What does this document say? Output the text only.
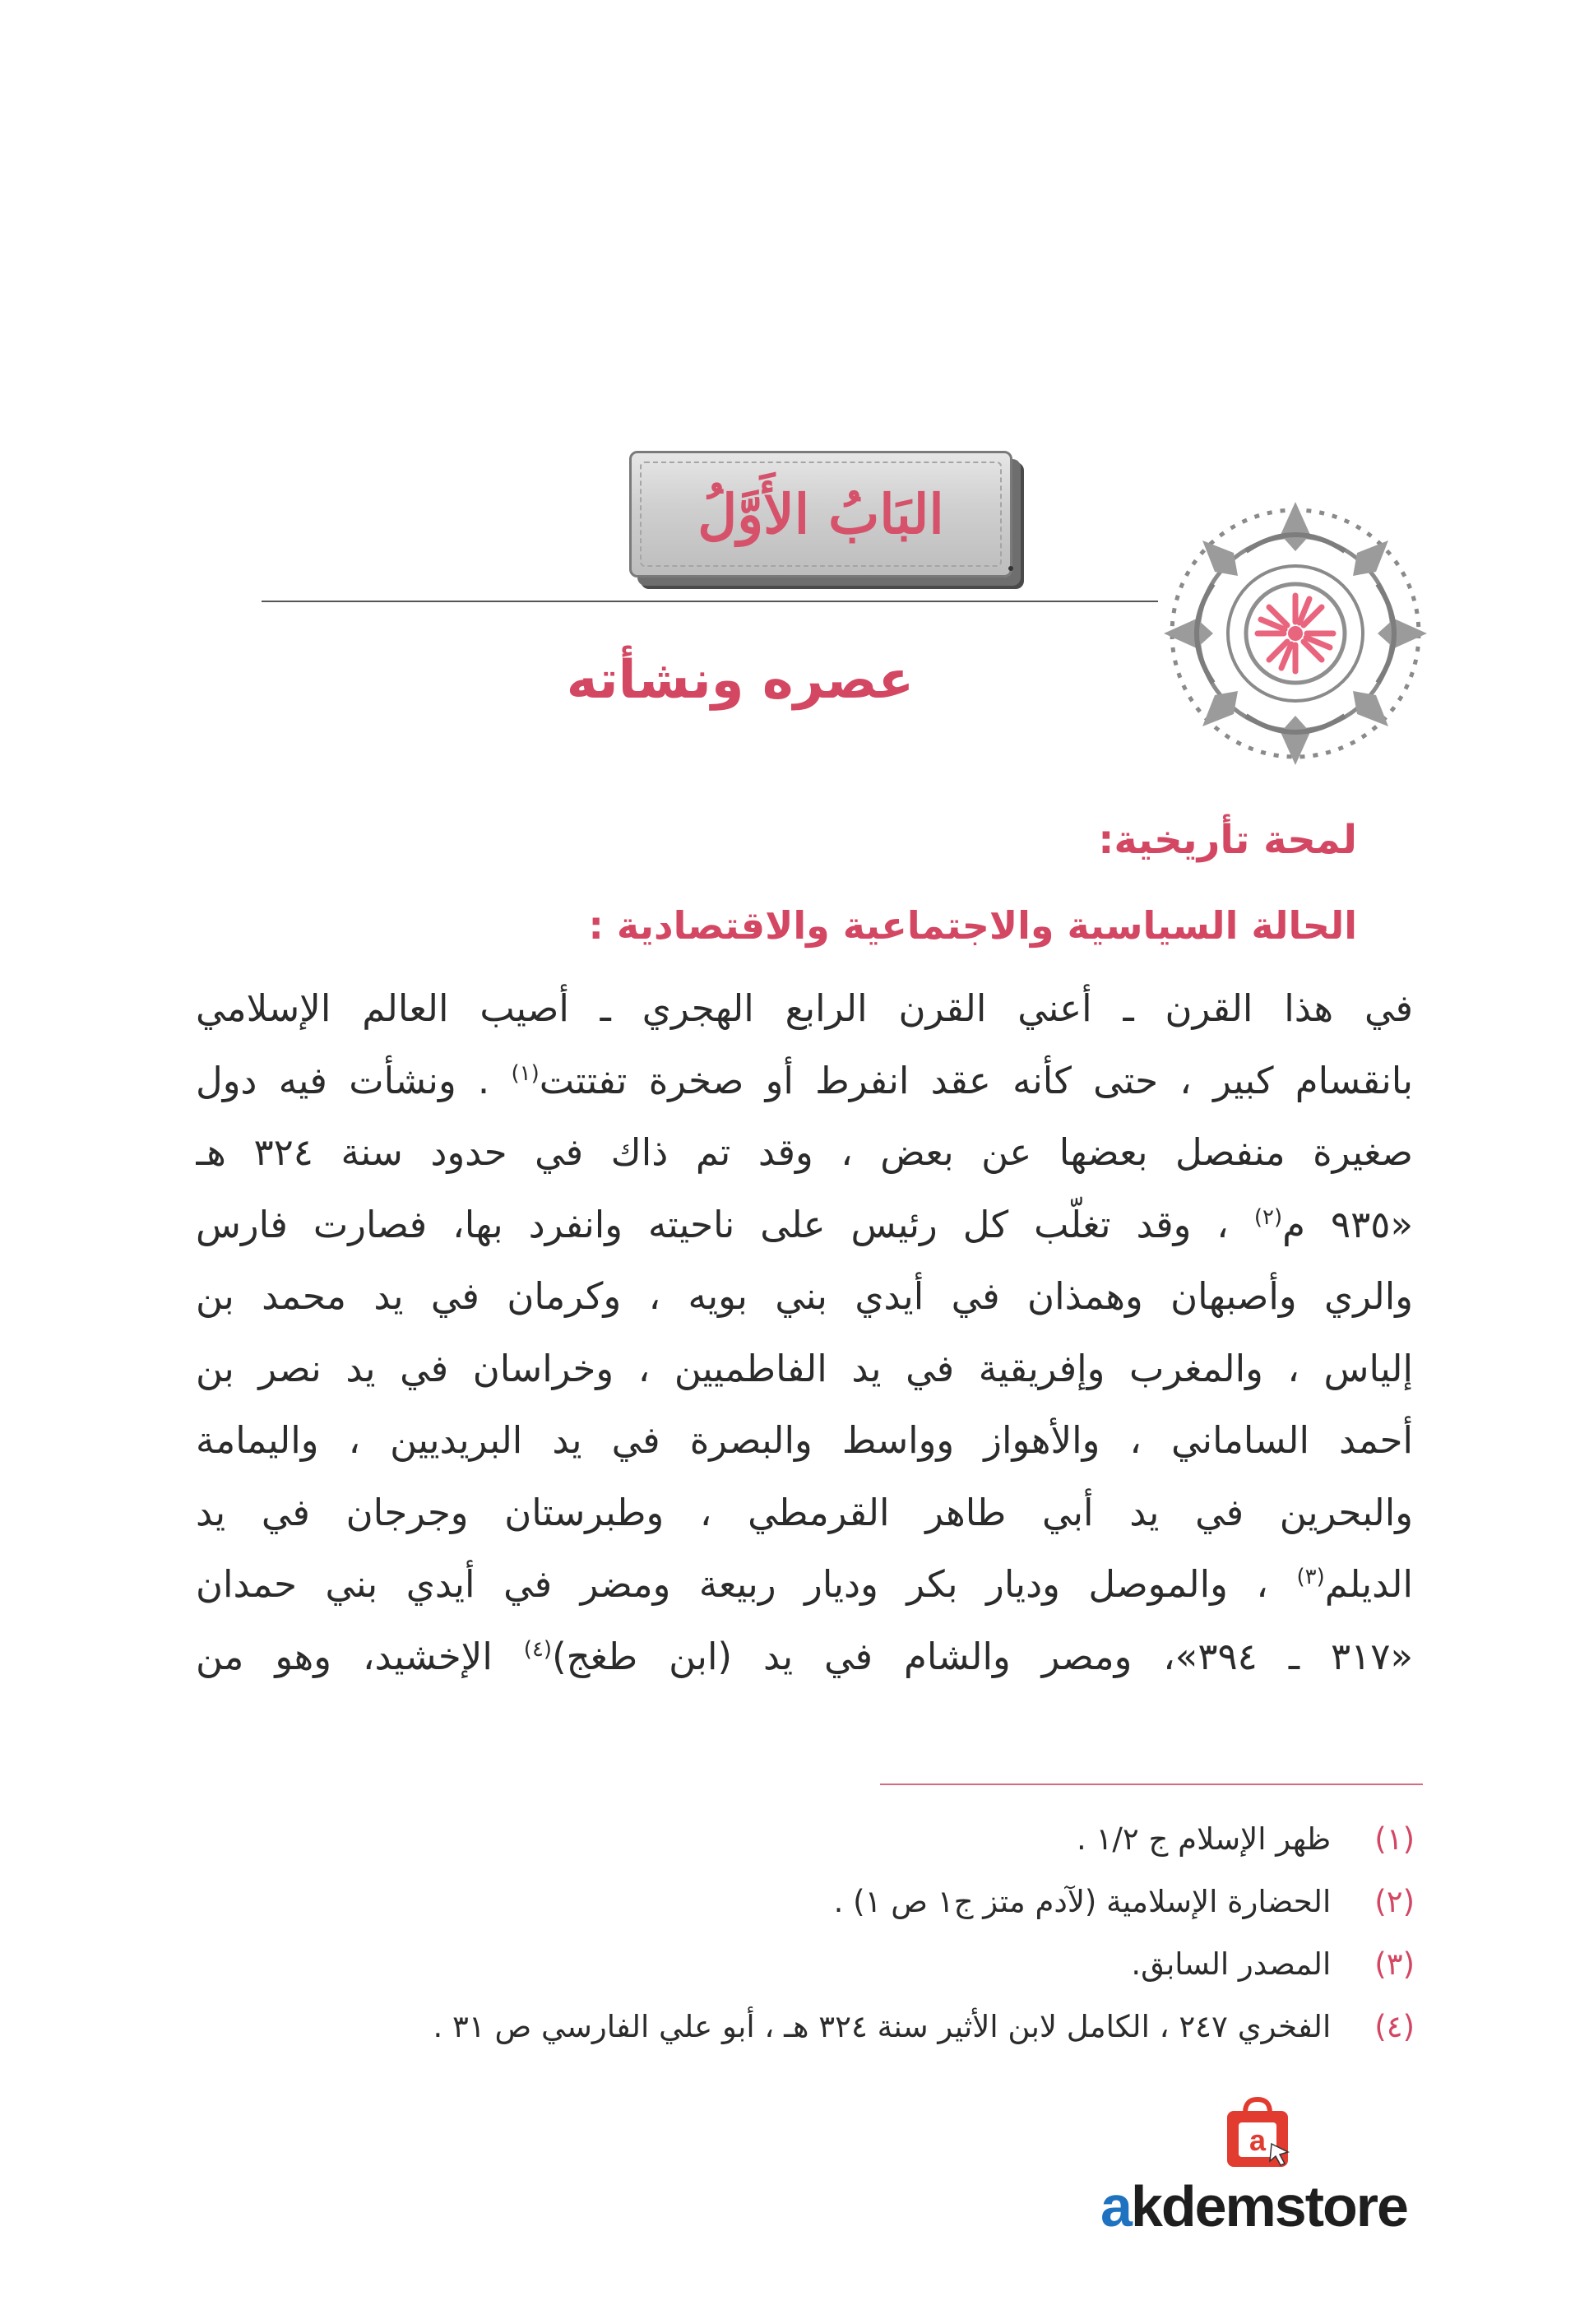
البَابُ الأَوَّلُ
عصره ونشأته
لمحة تأريخية:
الحالة السياسية والاجتماعية والاقتصادية :
في هذا القرن ـ أعني القرن الرابع الهجري ـ أصيب العالم الإسلامي
بانقسام كبير ، حتى كأنه عقد انفرط أو صخرة تفتتت$^{(١)}$ . ونشأت فيه دول
صغيرة منفصل بعضها عن بعض ، وقد تم ذاك في حدود سنة ٣٢٤ هـ
«٩٣٥ م$^{(٢)}$ ، وقد تغلّب كل رئيس على ناحيته وانفرد بها، فصارت فارس
والري وأصبهان وهمذان في أيدي بني بويه ، وكرمان في يد محمد بن
إلياس ، والمغرب وإفريقية في يد الفاطميين ، وخراسان في يد نصر بن
أحمد الساماني ، والأهواز وواسط والبصرة في يد البريديين ، واليمامة
والبحرين في يد أبي طاهر القرمطي ، وطبرستان وجرجان في يد
الديلم$^{(٣)}$ ، والموصل وديار بكر وديار ربيعة ومضر في أيدي بني حمدان
«٣١٧ ـ ٣٩٤»، ومصر والشام في يد (ابن طغج)$^{(٤)}$ الإخشيد، وهو من
(١) ظهر الإسلام ج ١/٢ .
(٢) الحضارة الإسلامية (لآدم متز ج١ ص ١) .
(٣) المصدر السابق.
(٤) الفخري ٢٤٧ ، الكامل لابن الأثير سنة ٣٢٤ هـ ، أبو علي الفارسي ص ٣١ .
a
akdemstore
